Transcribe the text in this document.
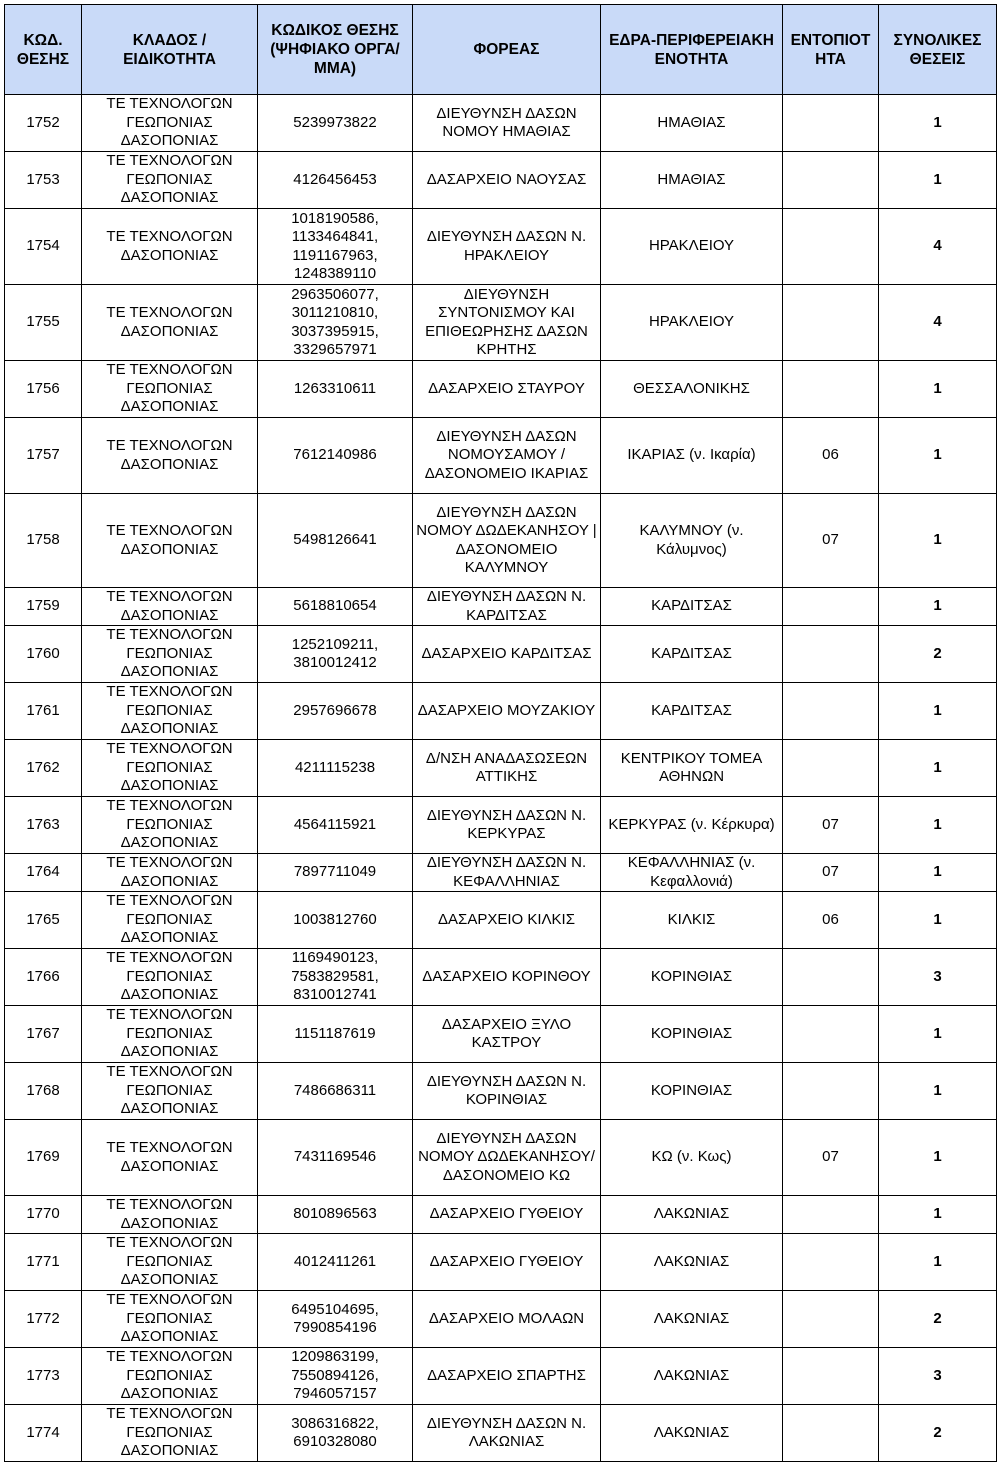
ΚΩΔ. ΘΕΣΗΣ	ΚΛΑΔΟΣ / ΕΙΔΙΚΟΤΗΤΑ	ΚΩΔΙΚΟΣ ΘΕΣΗΣ (ΨΗΦΙΑΚΟ ΟΡΓΑ/ΜΜΑ)	ΦΟΡΕΑΣ	ΕΔΡΑ-ΠΕΡΙΦΕΡΕΙΑΚΗ ΕΝΟΤΗΤΑ	ΕΝΤΟΠΙΟΤ ΗΤΑ	ΣΥΝΟΛΙΚΕΣ ΘΕΣΕΙΣ

1752	ΤΕ ΤΕΧΝΟΛΟΓΩΝ ΓΕΩΠΟΝΙΑΣ ΔΑΣΟΠΟΝΙΑΣ	5239973822	ΔΙΕΥΘΥΝΣΗ ΔΑΣΩΝ ΝΟΜΟΥ ΗΜΑΘΙΑΣ	ΗΜΑΘΙΑΣ		1
1753	ΤΕ ΤΕΧΝΟΛΟΓΩΝ ΓΕΩΠΟΝΙΑΣ ΔΑΣΟΠΟΝΙΑΣ	4126456453	ΔΑΣΑΡΧΕΙΟ ΝΑΟΥΣΑΣ	ΗΜΑΘΙΑΣ		1
1754	ΤΕ ΤΕΧΝΟΛΟΓΩΝ ΔΑΣΟΠΟΝΙΑΣ	1018190586, 1133464841, 1191167963, 1248389110	ΔΙΕΥΘΥΝΣΗ ΔΑΣΩΝ Ν. ΗΡΑΚΛΕΙΟΥ	ΗΡΑΚΛΕΙΟΥ		4
1755	ΤΕ ΤΕΧΝΟΛΟΓΩΝ ΔΑΣΟΠΟΝΙΑΣ	2963506077, 3011210810, 3037395915, 3329657971	ΔΙΕΥΘΥΝΣΗ ΣΥΝΤΟΝΙΣΜΟΥ ΚΑΙ ΕΠΙΘΕΩΡΗΣΗΣ ΔΑΣΩΝ ΚΡΗΤΗΣ	ΗΡΑΚΛΕΙΟΥ		4
1756	ΤΕ ΤΕΧΝΟΛΟΓΩΝ ΓΕΩΠΟΝΙΑΣ ΔΑΣΟΠΟΝΙΑΣ	1263310611	ΔΑΣΑΡΧΕΙΟ ΣΤΑΥΡΟΥ	ΘΕΣΣΑΛΟΝΙΚΗΣ		1
1757	ΤΕ ΤΕΧΝΟΛΟΓΩΝ ΔΑΣΟΠΟΝΙΑΣ	7612140986	ΔΙΕΥΘΥΝΣΗ ΔΑΣΩΝ ΝΟΜΟΥΣΑΜΟΥ /ΔΑΣΟΝΟΜΕΙΟ ΙΚΑΡΙΑΣ	ΙΚΑΡΙΑΣ (ν. Ικαρία)	06	1
1758	ΤΕ ΤΕΧΝΟΛΟΓΩΝ ΔΑΣΟΠΟΝΙΑΣ	5498126641	ΔΙΕΥΘΥΝΣΗ ΔΑΣΩΝ ΝΟΜΟΥ ΔΩΔΕΚΑΝΗΣΟΥ | ΔΑΣΟΝΟΜΕΙΟ ΚΑΛΥΜΝΟΥ	ΚΑΛΥΜΝΟΥ (ν. Κάλυμνος)	07	1
1759	ΤΕ ΤΕΧΝΟΛΟΓΩΝ ΔΑΣΟΠΟΝΙΑΣ	5618810654	ΔΙΕΥΘΥΝΣΗ ΔΑΣΩΝ Ν. ΚΑΡΔΙΤΣΑΣ	ΚΑΡΔΙΤΣΑΣ		1
1760	ΤΕ ΤΕΧΝΟΛΟΓΩΝ ΓΕΩΠΟΝΙΑΣ ΔΑΣΟΠΟΝΙΑΣ	1252109211, 3810012412	ΔΑΣΑΡΧΕΙΟ ΚΑΡΔΙΤΣΑΣ	ΚΑΡΔΙΤΣΑΣ		2
1761	ΤΕ ΤΕΧΝΟΛΟΓΩΝ ΓΕΩΠΟΝΙΑΣ ΔΑΣΟΠΟΝΙΑΣ	2957696678	ΔΑΣΑΡΧΕΙΟ ΜΟΥΖΑΚΙΟΥ	ΚΑΡΔΙΤΣΑΣ		1
1762	ΤΕ ΤΕΧΝΟΛΟΓΩΝ ΓΕΩΠΟΝΙΑΣ ΔΑΣΟΠΟΝΙΑΣ	4211115238	Δ/ΝΣΗ ΑΝΑΔΑΣΩΣΕΩΝ ΑΤΤΙΚΗΣ	ΚΕΝΤΡΙΚΟΥ ΤΟΜΕΑ ΑΘΗΝΩΝ		1
1763	ΤΕ ΤΕΧΝΟΛΟΓΩΝ ΓΕΩΠΟΝΙΑΣ ΔΑΣΟΠΟΝΙΑΣ	4564115921	ΔΙΕΥΘΥΝΣΗ ΔΑΣΩΝ Ν. ΚΕΡΚΥΡΑΣ	ΚΕΡΚΥΡΑΣ (ν. Κέρκυρα)	07	1
1764	ΤΕ ΤΕΧΝΟΛΟΓΩΝ ΔΑΣΟΠΟΝΙΑΣ	7897711049	ΔΙΕΥΘΥΝΣΗ ΔΑΣΩΝ Ν. ΚΕΦΑΛΛΗΝΙΑΣ	ΚΕΦΑΛΛΗΝΙΑΣ (ν. Κεφαλλονιά)	07	1
1765	ΤΕ ΤΕΧΝΟΛΟΓΩΝ ΓΕΩΠΟΝΙΑΣ ΔΑΣΟΠΟΝΙΑΣ	1003812760	ΔΑΣΑΡΧΕΙΟ ΚΙΛΚΙΣ	ΚΙΛΚΙΣ	06	1
1766	ΤΕ ΤΕΧΝΟΛΟΓΩΝ ΓΕΩΠΟΝΙΑΣ ΔΑΣΟΠΟΝΙΑΣ	1169490123, 7583829581, 8310012741	ΔΑΣΑΡΧΕΙΟ ΚΟΡΙΝΘΟΥ	ΚΟΡΙΝΘΙΑΣ		3
1767	ΤΕ ΤΕΧΝΟΛΟΓΩΝ ΓΕΩΠΟΝΙΑΣ ΔΑΣΟΠΟΝΙΑΣ	1151187619	ΔΑΣΑΡΧΕΙΟ ΞΥΛΟ ΚΑΣΤΡΟΥ	ΚΟΡΙΝΘΙΑΣ		1
1768	ΤΕ ΤΕΧΝΟΛΟΓΩΝ ΓΕΩΠΟΝΙΑΣ ΔΑΣΟΠΟΝΙΑΣ	7486686311	ΔΙΕΥΘΥΝΣΗ ΔΑΣΩΝ Ν. ΚΟΡΙΝΘΙΑΣ	ΚΟΡΙΝΘΙΑΣ		1
1769	ΤΕ ΤΕΧΝΟΛΟΓΩΝ ΔΑΣΟΠΟΝΙΑΣ	7431169546	ΔΙΕΥΘΥΝΣΗ ΔΑΣΩΝ ΝΟΜΟΥ ΔΩΔΕΚΑΝΗΣΟΥ/ ΔΑΣΟΝΟΜΕΙΟ ΚΩ	ΚΩ (ν. Κως)	07	1
1770	ΤΕ ΤΕΧΝΟΛΟΓΩΝ ΔΑΣΟΠΟΝΙΑΣ	8010896563	ΔΑΣΑΡΧΕΙΟ ΓΥΘΕΙΟΥ	ΛΑΚΩΝΙΑΣ		1
1771	ΤΕ ΤΕΧΝΟΛΟΓΩΝ ΓΕΩΠΟΝΙΑΣ ΔΑΣΟΠΟΝΙΑΣ	4012411261	ΔΑΣΑΡΧΕΙΟ ΓΥΘΕΙΟΥ	ΛΑΚΩΝΙΑΣ		1
1772	ΤΕ ΤΕΧΝΟΛΟΓΩΝ ΓΕΩΠΟΝΙΑΣ ΔΑΣΟΠΟΝΙΑΣ	6495104695, 7990854196	ΔΑΣΑΡΧΕΙΟ ΜΟΛΑΩΝ	ΛΑΚΩΝΙΑΣ		2
1773	ΤΕ ΤΕΧΝΟΛΟΓΩΝ ΓΕΩΠΟΝΙΑΣ ΔΑΣΟΠΟΝΙΑΣ	1209863199, 7550894126, 7946057157	ΔΑΣΑΡΧΕΙΟ ΣΠΑΡΤΗΣ	ΛΑΚΩΝΙΑΣ		3
1774	ΤΕ ΤΕΧΝΟΛΟΓΩΝ ΓΕΩΠΟΝΙΑΣ ΔΑΣΟΠΟΝΙΑΣ	3086316822, 6910328080	ΔΙΕΥΘΥΝΣΗ ΔΑΣΩΝ Ν. ΛΑΚΩΝΙΑΣ	ΛΑΚΩΝΙΑΣ		2
